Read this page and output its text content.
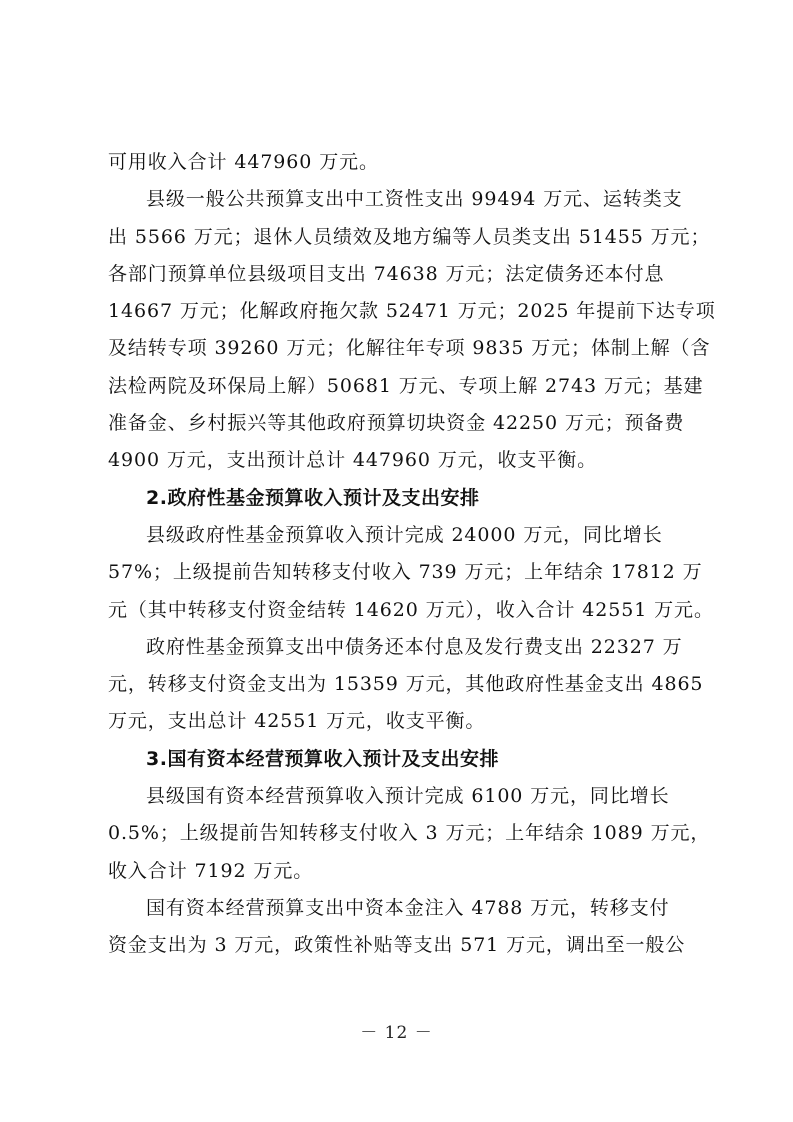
可用收入合计 447960 万元。
县级一般公共预算支出中工资性支出 99494 万元、运转类支
出 5566 万元；退休人员绩效及地方编等人员类支出 51455 万元；
各部门预算单位县级项目支出 74638 万元；法定债务还本付息
14667 万元；化解政府拖欠款 52471 万元；2025 年提前下达专项
及结转专项 39260 万元；化解往年专项 9835 万元；体制上解（含
法检两院及环保局上解）50681 万元、专项上解 2743 万元；基建
准备金、乡村振兴等其他政府预算切块资金 42250 万元；预备费
4900 万元，支出预计总计 447960 万元，收支平衡。
2.政府性基金预算收入预计及支出安排
县级政府性基金预算收入预计完成 24000 万元，同比增长
57%；上级提前告知转移支付收入 739 万元；上年结余 17812 万
元（其中转移支付资金结转 14620 万元），收入合计 42551 万元。
政府性基金预算支出中债务还本付息及发行费支出 22327 万
元，转移支付资金支出为 15359 万元，其他政府性基金支出 4865
万元，支出总计 42551 万元，收支平衡。
3.国有资本经营预算收入预计及支出安排
县级国有资本经营预算收入预计完成 6100 万元，同比增长
0.5%；上级提前告知转移支付收入 3 万元；上年结余 1089 万元，
收入合计 7192 万元。
国有资本经营预算支出中资本金注入 4788 万元，转移支付
资金支出为 3 万元，政策性补贴等支出 571 万元，调出至一般公
－ 12 －
